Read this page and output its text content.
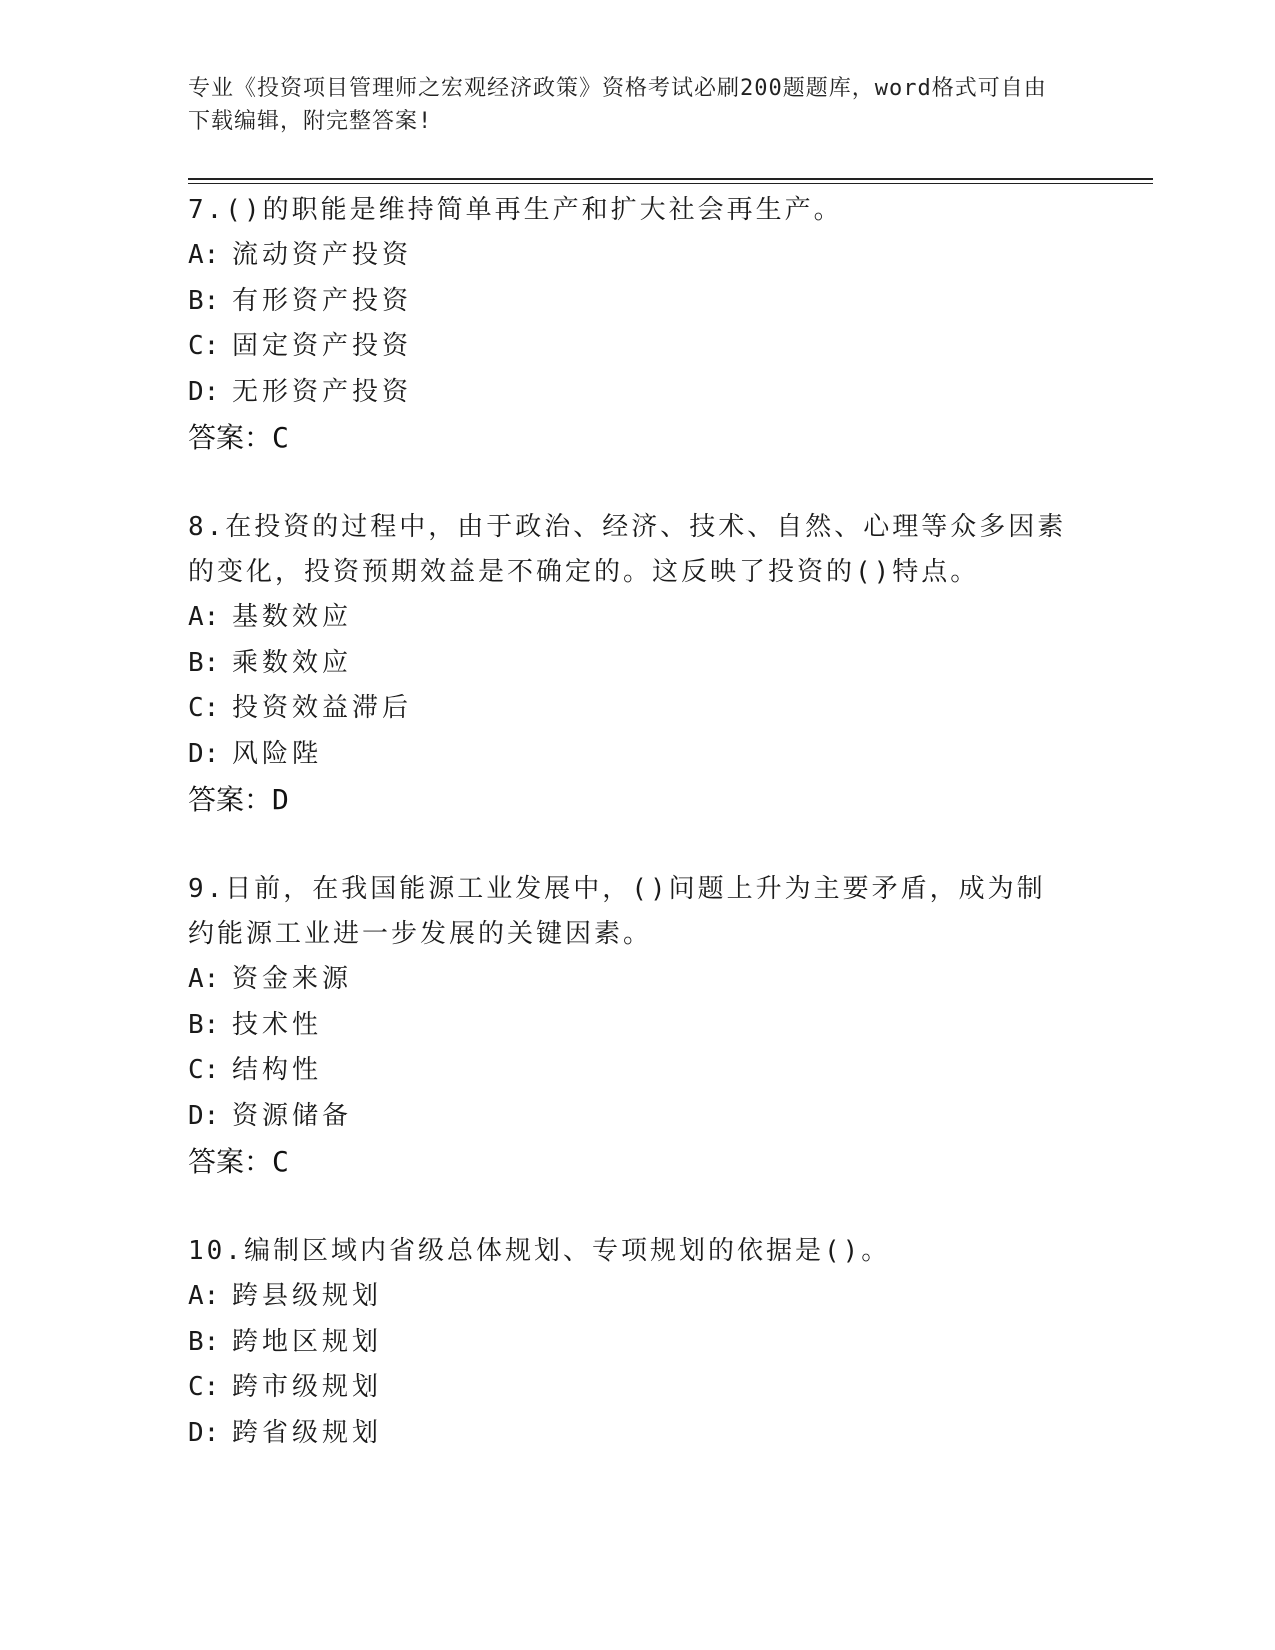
专业《投资项目管理师之宏观经济政策》资格考试必刷200题题库，word格式可自由下载编辑，附完整答案!
7.()的职能是维持简单再生产和扩大社会再生产。
A: 流动资产投资
B: 有形资产投资
C: 固定资产投资
D: 无形资产投资
答案：C
8.在投资的过程中，由于政治、经济、技术、自然、心理等众多因素的变化，投资预期效益是不确定的。这反映了投资的()特点。
A: 基数效应
B: 乘数效应
C: 投资效益滞后
D: 风险陛
答案：D
9.日前，在我国能源工业发展中，()问题上升为主要矛盾，成为制约能源工业进一步发展的关键因素。
A: 资金来源
B: 技术性
C: 结构性
D: 资源储备
答案：C
10.编制区域内省级总体规划、专项规划的依据是()。
A: 跨县级规划
B: 跨地区规划
C: 跨市级规划
D: 跨省级规划
